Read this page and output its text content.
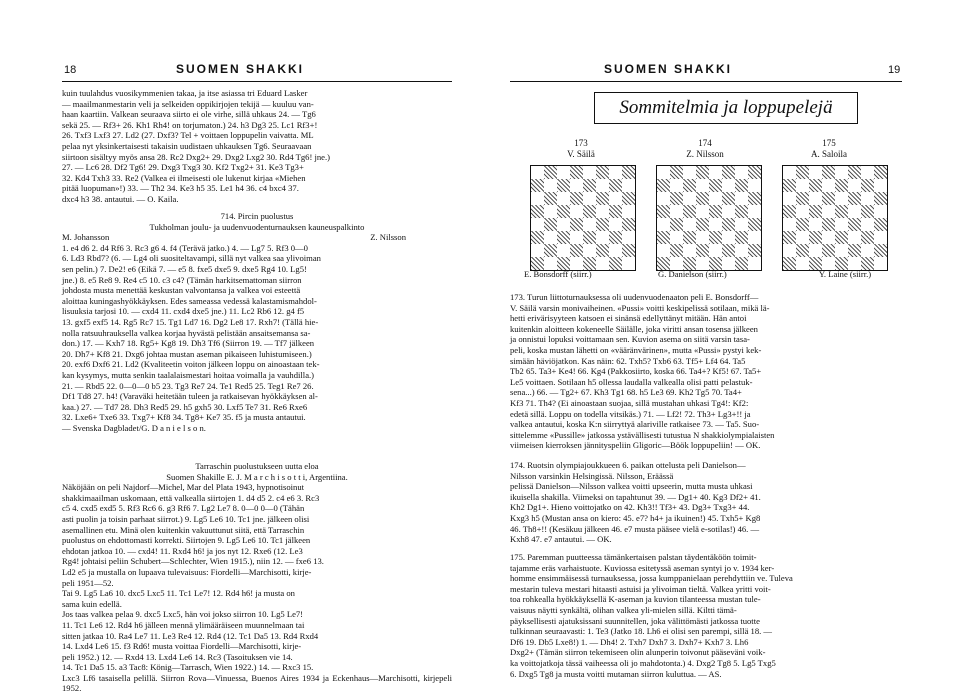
18	SUOMEN SHAKKI

kuin tuulahdus vuosikymmenien takaa, ja itse asiassa tri Eduard Lasker

— maailmanmestarin veli ja selkeiden oppikirjojen tekijä — kuuluu van-

haan kaartiin. Valkean seuraava siirto ei ole virhe, sillä uhkaus 24. — Tg6

sekä 25. — Rf3+ 26. Kh1 Rh4! on torjumaton.) 24. h3 Dg3 25. Lc1 Rf3+!

26. Txf3 Lxf3 27. Ld2 (27. Dxf3? Tel + voittaen loppupelin vaivatta. ML

pelaa nyt yksinkertaisesti takaisin uudistaen uhkauksen Tg6. Seuraavaan

siirtoon sisältyy myös ansa 28. Rc2 Dxg2+ 29. Dxg2 Lxg2 30. Rd4 Tg6! jne.)

27. — Lc6 28. Df2 Tg6! 29. Dxg3 Txg3 30. Kf2 Txg2+ 31. Ke3 Tg3+

32. Kd4 Txh3 33. Re2 (Valkea ei ilmeisesti ole lukenut kirjaa «Miehen

pitää luopuman»!) 33. — Th2 34. Ke3 h5 35. Le1 h4 36. c4 bxc4 37.

dxc4 h3 38. antautui. — O. Kaila.

714. Pircin puolustus

Tukholman joulu- ja uudenvuodenturnauksen kauneuspalkinto

M. Johansson	Z. Nilsson

1. e4 d6 2. d4 Rf6 3. Rc3 g6 4. f4 (Terävä jatko.) 4. — Lg7 5. Rf3 0—0

6. Ld3 Rbd7? (6. — Lg4 oli suositeltavampi, sillä nyt valkea saa ylivoiman

sen pelin.) 7. De2! e6 (Eikä 7. — e5 8. fxe5 dxe5 9. dxe5 Rg4 10. Lg5!

jne.) 8. e5 Re8 9. Re4 c5 10. c3 c4? (Tämän harkitsemattoman siirron

johdosta musta menettää keskustan valvontansa ja valkea voi esteettä

aloittaa kuningashyökkäyksen. Edes sameassa vedessä kalastamismahdol-

lisuuksia tarjosi 10. — cxd4 11. cxd4 dxe5 jne.) 11. Lc2 Rb6 12. g4 f5

13. gxf5 exf5 14. Rg5 Rc7 15. Tg1 Ld7 16. Dg2 Le8 17. Rxh7! (Tällä hie-

nolla ratsuuhrauksella valkea korjaa hyvästä pelistään ansaitsemansa sa-

don.) 17. — Kxh7 18. Rg5+ Kg8 19. Dh3 Tf6 (Siirron 19. — Tf7 jälkeen

20. Dh7+ Kf8 21. Dxg6 johtaa mustan aseman pikaiseen luhistumiseen.)

20. exf6 Dxf6 21. Ld2 (Kvaliteetin voiton jälkeen loppu on ainoastaan tek-

kan kysymys, mutta senkin taalalaismestari hoitaa voimalla ja vauhdilla.)

21. — Rbd5 22. 0—0—0 b5 23. Tg3 Re7 24. Te1 Red5 25. Teg1 Re7 26.

Df1 Td8 27. h4! (Varaväki heitetään tuleen ja ratkaisevan hyökkäyksen al-

kaa.) 27. — Td7 28. Dh3 Red5 29. h5 gxh5 30. Lxf5 Te7 31. Re6 Rxe6

32. Lxe6+ Txe6 33. Txg7+ Kf8 34. Tg8+ Ke7 35. f5 ja musta antautui.

— Svenska Dagbladet/G. D a n i e l s o n.

Tarraschin puolustukseen uutta eloa

Suomen Shakille E. J. M a r c h i s o t t i, Argentiina.

Näköjään on peli Najdorf—Michel, Mar del Plata 1943, hypnotisoinut

shakkimaailman uskomaan, että valkealla siirtojen 1. d4 d5 2. c4 e6 3. Rc3

c5 4. cxd5 exd5 5. Rf3 Rc6 6. g3 Rf6 7. Lg2 Le7 8. 0—0 0—0 (Tähän

asti puolin ja toisin parhaat siirrot.) 9. Lg5 Le6 10. Tc1 jne. jälkeen olisi

asemallinen etu. Minä olen kuitenkin vakuuttunut siitä, että Tarraschin

puolustus on ehdottomasti korrekti. Siirtojen 9. Lg5 Le6 10. Tc1 jälkeen

ehdotan jatkoa 10. — cxd4! 11. Rxd4 h6! ja jos nyt 12. Rxe6 (12. Le3

Rg4! johtaisi peliin Schubert—Schlechter, Wien 1915.), niin 12. — fxe6 13.

Ld2 e5 ja mustalla on lupaava tulevaisuus: Fiordelli—Marchisotti, kirje-

peli 1951—52.

Tai 9. Lg5 La6 10. dxc5 Lxc5 11. Tc1 Le7! 12. Rd4 h6! ja musta on

sama kuin edellä.

Jos taas valkea pelaa 9. dxc5 Lxc5, hän voi jokso siirron 10. Lg5 Le7!

11. Tc1 Le6 12. Rd4 h6 jälleen mennä ylimääräiseen muunnelmaan tai

sitten jatkaa 10. Ra4 Le7 11. Le3 Re4 12. Rd4 (12. Tc1 Da5 13. Rd4 Rxd4

14. Lxd4 Le6 15. f3 Rd6! musta voittaa Fiordelli—Marchisotti, kirje-

peli 1952.) 12. — Rxd4 13. Lxd4 Le6 14. Rc3 (Tasoituksen vie 14.

14. Tc1 Da5 15. a3 Tac8: König—Tarrasch, Wien 1922.) 14. — Rxc3 15.

Lxc3 Lf6 tasaisella pelillä. Siirron Rova—Vinuessa, Buenos Aires 1934 ja Eckenhaus—Marchisotti, kirjepeli 1952.

SUOMEN SHAKKI	19
Sommitelmia ja loppupelejä
173
V. Säilä
174
Z. Nilsson
175
A. Saloila
E. Bonsdorff (siirr.)	G. Danielson (siirr.)	Y. Laine (siirr.)

173. Turun liittoturnauksessa oli uudenvuodenaaton peli E. Bonsdorff—

V. Säilä varsin monivaiheinen. «Pussi» voitti keskipelissä sotilaan, mikä lä-

hetti erivärisyyteen katsoen ei sinänsä edellyttänyt mitään. Hän antoi

kuitenkin aloitteen kokeneelle Säilälle, joka viritti ansan tosensa jälkeen

ja onnistui lopuksi voittamaan sen. Kuvion asema on siitä varsin tasa-

peli, koska mustan lähetti on «vääränvärinen», mutta «Pussi» pystyi kek-

simään häviöjatkon. Kas näin: 62. Txh5? Txb6 63. Tf5+ Lf4 64. Ta5

Tb2 65. Ta3+ Ke4! 66. Kg4 (Pakkosiirto, koska 66. Ta4+? Kf5! 67. Ta5+

Le5 voittaen. Sotilaan h5 ollessa laudalla valkealla olisi patti pelastuk-

sena...) 66. — Tg2+ 67. Kh3 Tg1 68. h5 Le3 69. Kh2 Tg5 70. Ta4+

Kf3 71. Th4? (Ei ainoastaan suojaa, sillä mustahan uhkasi Tg4!: Kf2:

edetä sillä. Loppu on todella vitsikäs.) 71. — Lf2! 72. Th3+ Lg3+!! ja

valkea antautui, koska K:n siirryttyä alariville ratkaisee 73. — Ta5. Suo-

sittelemme «Pussille» jatkossa ystävällisesti tutustua N shakkiolympialaisten

viimeisen kierroksen jännityspeliin Gligoric—Böök loppupeliin! — OK.

174. Ruotsin olympiajoukkueen 6. paikan ottelusta peli Danielson—

Nilsson varsinkin Helsingissä. Nilsson, Eräässä

pelissä Danielson—Nilsson valkea voitti upseerin, mutta musta uhkasi

ikuisella shakilla. Viimeksi on tapahtunut 39. — Dg1+ 40. Kg3 Df2+ 41.

Kh2 Dg1+. Hieno voittojatko on 42. Kh3!! Tf3+ 43. Dg3+ Txg3+ 44.

Kxg3 h5 (Mustan ansa on kiero: 45. e7? h4+ ja ikuinen!) 45. Txh5+ Kg8

46. Th8+!! (Kesäkuu jälkeen 46. e7 musta pääsee vielä e-sotilas!) 46. —

Kxh8 47. e7 antautui. — OK.

175. Paremman puutteessa tämänkertaisen palstan täydentäköön toimit-

tajamme eräs varhaistuote. Kuviossa esitetyssä aseman syntyi jo v. 1934 ker-

homme ensimmäisessä turnauksessa, jossa kumppanielaan perehdyttiin ve. Tuleva

mestarin tuleva mestari hitaasti astuisi ja ylivoiman tieltä. Valkea yritti voit-

toa rohkealla hyökkäyksellä K-aseman ja kuvion tilanteessa mustan tule-

vaisuus näytti synkältä, olihan valkea yli-mielen sillä. Kiltti tämä-

päyksellisesti ajatuksissani suunnitellen, joka välittömästi jatkossa tuotte

tulkinnan seuraavasti: 1. Te3 (Jatko 18. Lh6 ei olisi sen parempi, sillä 18. —

Df6 19. Db5 Lxe8!) 1. — Dh4! 2. Txh7 Dxh7 3. Dxh7+ Kxh7 3. Lh6

Dxg2+ (Tämän siirron tekemiseen olin alunperin toivonut pääseväni voik-

ka voittojatkoja tässä vaiheessa oli jo mahdotonta.) 4. Dxg2 Tg8 5. Lg5 Txg5

6. Dxg5 Tg8 ja musta voitti mutaman siirron kuluttua. — AS.
